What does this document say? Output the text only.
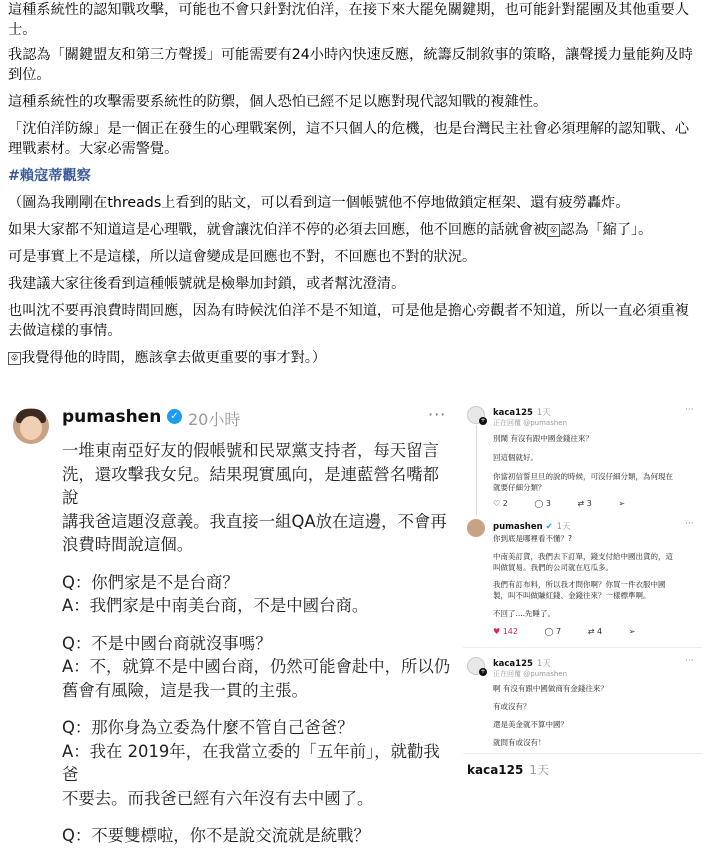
這種系統性的認知戰攻擊，可能也不會只針對沈伯洋，在接下來大罷免關鍵期，也可能針對罷團及其他重要人士。

我認為「關鍵盟友和第三方聲援」可能需要有24小時內快速反應，統籌反制敘事的策略，讓聲援力量能夠及時到位。

這種系統性的攻擊需要系統性的防禦，個人恐怕已經不足以應對現代認知戰的複雜性。

「沈伯洋防線」是一個正在發生的心理戰案例，這不只個人的危機，也是台灣民主社會必須理解的認知戰、心理戰素材。大家必需警覺。

#賴寇蒂觀察

（圖為我剛剛在threads上看到的貼文，可以看到這一個帳號他不停地做鎖定框架、還有疲勞轟炸。

如果大家都不知道這是心理戰，就會讓沈伯洋不停的必須去回應，他不回應的話就會被 😮 認為「縮了」。

可是事實上不是這樣，所以這會變成是回應也不對，不回應也不對的狀況。

我建議大家往後看到這種帳號就是檢舉加封鎖，或者幫沈澄清。

也叫沈不要再浪費時間回應，因為有時候沈伯洋不是不知道，可是他是擔心旁觀者不知道，所以一直必須重複去做這樣的事情。

😮 我覺得他的時間，應該拿去做更重要的事才對。）

pumashen ✓ 20小時	···

一堆東南亞好友的假帳號和民眾黨支持者，每天留言

洗，還攻擊我女兒。結果現實風向，是連藍營名嘴都說

講我爸這題沒意義。我直接一組QA放在這邊，不會再

浪費時間說這個。

Q：你們家是不是台商？

A：我們家是中南美台商，不是中國台商。

Q：不是中國台商就沒事嗎？

A：不，就算不是中國台商，仍然可能會赴中，所以仍

舊會有風險，這是我一貫的主張。

Q：那你身為立委為什麼不管自己爸爸？

A：我在 2019年，在我當立委的「五年前」，就勸我爸

不要去。而我爸已經有六年沒有去中國了。

Q：不要雙標啦，你不是說交流就是統戰？

+
kaca125 1天	···
正在回覆 @pumashen
別鬧 有沒有跟中國金錢往來？
回這個就好。
你當初信誓旦旦的說的時候，可沒仔細分類，為何現在
就要仔細分類？
♡ 2	◯ 3	⇄ 3	➢
pumashen ✔ 1天	···
你到底是哪裡看不懂？?
中南美訂貨，我們去下訂單，錢支付給中國出貨的，這
叫做貿易。我們的公司就在厄瓜多。
我們有訂布料，所以我才問你啊？你買一件衣服中國
製，叫不叫做賺紅錢、金錢往來？一樣標準啊。
不回了....先睡了。
♥ 142	◯ 7	⇄ 4	➢
+
kaca125 1天	···
正在回覆 @pumashen
啊 有沒有跟中國做商有金錢往來？
有或沒有？
還是美金就不算中國？
就問有或沒有！
kaca125 1天
